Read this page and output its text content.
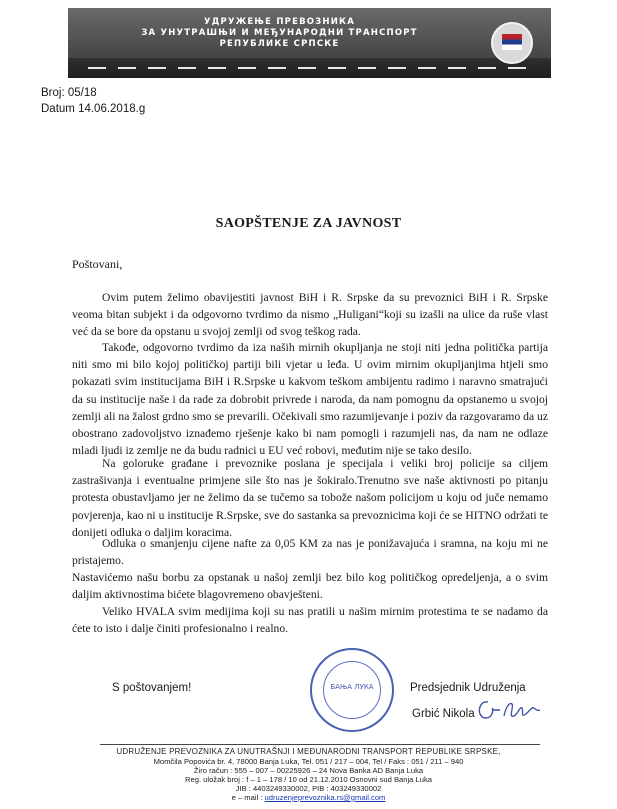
УДРУЖЕЊЕ ПРЕВОЗНИКА
ЗА УНУТРАШЊИ И МЕЂУНАРОДНИ ТРАНСПОРТ
РЕПУБЛИКЕ СРПСКЕ
Broj: 05/18
Datum 14.06.2018.g
SAOPŠTENJE ZA JAVNOST
Poštovani,

Ovim putem želimo obavijestiti javnost BiH i R. Srpske da su prevoznici BiH i R. Srpske veoma bitan subjekt i da odgovorno tvrdimo da nismo „Huligani“koji su izašli na ulice da ruše vlast već da se bore da opstanu u svojoj zemlji od svog teškog rada.

Takođe, odgovorno tvrdimo da iza naših mirnih okupljanja ne stoji niti jedna politička partija niti smo mi bilo kojoj političkoj partiji bili vjetar u leđa. U ovim mirnim okupljanjima htjeli smo pokazati svim institucijama BiH i R.Srpske u kakvom teškom ambijentu radimo i naravno smatrajući da su institucije naše i da rade za dobrobit privrede i naroda, da nam pomognu da opstanemo u svojoj zemlji ali na žalost grdno smo se prevarili. Očekivali smo razumijevanje i poziv da razgovaramo da uz obostrano zadovoljstvo iznađemo rješenje kako bi nam pomogli i razumjeli nas, da nam ne odlaze mladi ljudi iz zemlje ne da budu radnici u EU već robovi, međutim nije se tako desilo.

Na goloruke građane i prevoznike poslana je specijala i veliki broj policije sa ciljem zastrašivanja i eventualne primjene sile što nas je šokiralo.Trenutno sve naše aktivnosti po pitanju protesta obustavljamo jer ne želimo da se tučemo sa tobože našom policijom u koju od juče nemamo povjerenja, kao ni u institucije R.Srpske, sve do sastanka sa prevoznicima koji će se HITNO održati te donijeti odluka o daljim koracima.

Odluka o smanjenju cijene nafte za 0,05 KM za nas je ponižavajuća i sramna, na koju mi ne pristajemo.

Nastavićemo našu borbu za opstanak u našoj zemlji bez bilo kog političkog opredeljenja, a o svim daljim aktivnostima bićete blagovremeno obavješteni.

Veliko HVALA svim medijima koji su nas pratili u našim mirnim protestima te se nadamo da ćete to isto i dalje činiti profesionalno i realno.

S poštovanjem!	БАЊА ЛУКА	Predsjednik Udruženja
Grbić Nikola
UDRUŽENJE PREVOZNIKA ZA UNUTRAŠNJI I MEĐUNARODNI TRANSPORT REPUBLIKE SRPSKE,
Momčila Popovića br. 4, 78000 Banja Luka, Tel. 051 / 217 – 004, Tel / Faks : 051 / 211 – 940
Žiro račun : 555 – 007 – 00225926 – 24 Nova Banka AD Banja Luka
Reg. uložak broj : f – 1 – 178 / 10 od 21.12.2010 Osnovni sud Banja Luka
JIB : 4403249330002, PIB : 403249330002
e – mail : udruzenjeprevoznika.rs@gmail.com
